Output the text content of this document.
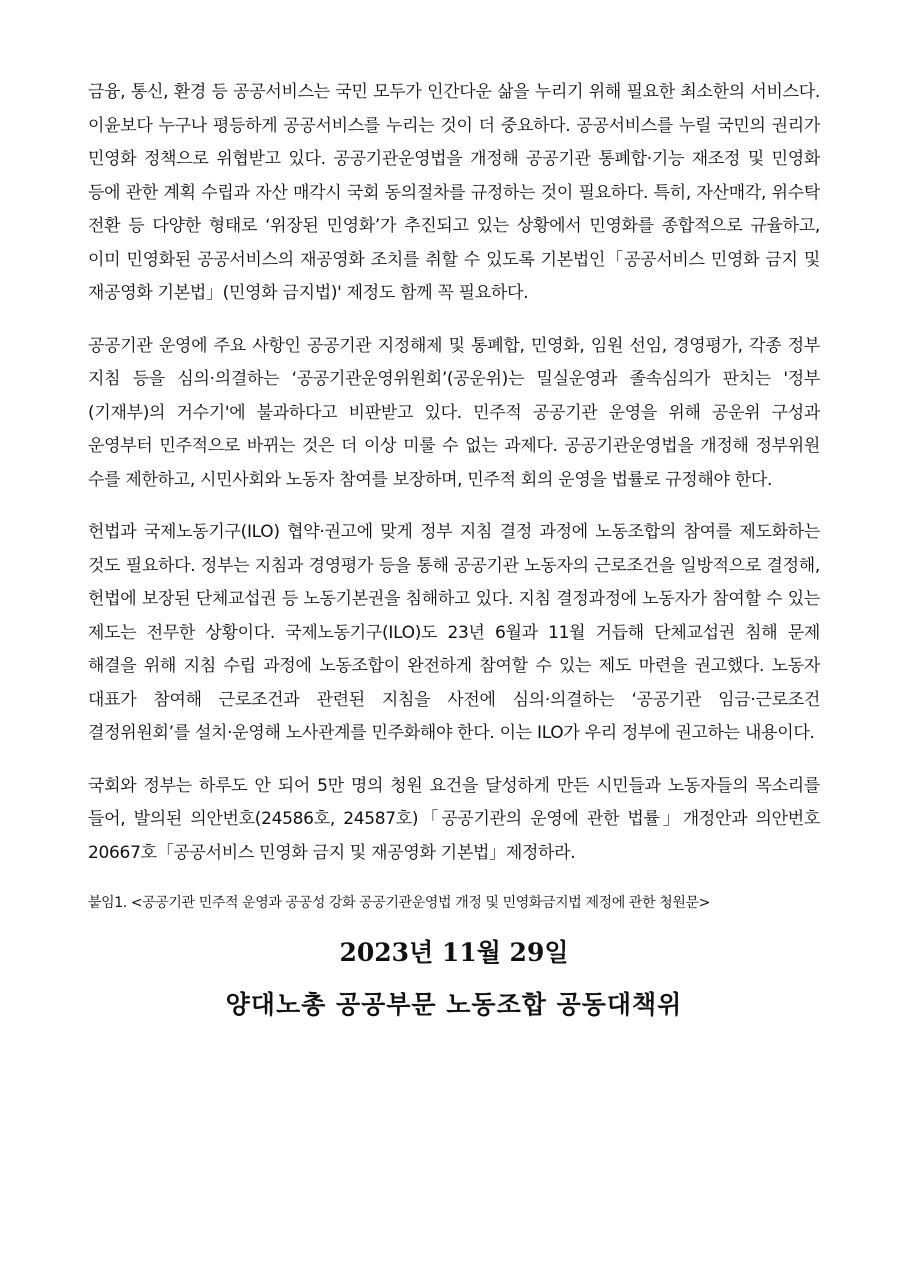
금융, 통신, 환경 등 공공서비스는 국민 모두가 인간다운 삶을 누리기 위해 필요한 최소한의 서비스다. 이윤보다 누구나 평등하게 공공서비스를 누리는 것이 더 중요하다. 공공서비스를 누릴 국민의 권리가 민영화 정책으로 위협받고 있다. 공공기관운영법을 개정해 공공기관 통폐합·기능 재조정 및 민영화 등에 관한 계획 수립과 자산 매각시 국회 동의절차를 규정하는 것이 필요하다. 특히, 자산매각, 위수탁 전환 등 다양한 형태로 ‘위장된 민영화’가 추진되고 있는 상황에서 민영화를 종합적으로 규율하고, 이미 민영화된 공공서비스의 재공영화 조치를 취할 수 있도록 기본법인「공공서비스 민영화 금지 및 재공영화 기본법」(민영화 금지법)' 제정도 함께 꼭 필요하다.

공공기관 운영에 주요 사항인 공공기관 지정해제 및 통폐합, 민영화, 임원 선임, 경영평가, 각종 정부 지침 등을 심의·의결하는 ‘공공기관운영위원회’(공운위)는 밀실운영과 졸속심의가 판치는 '정부(기재부)의 거수기'에 불과하다고 비판받고 있다. 민주적 공공기관 운영을 위해 공운위 구성과 운영부터 민주적으로 바뀌는 것은 더 이상 미룰 수 없는 과제다. 공공기관운영법을 개정해 정부위원 수를 제한하고, 시민사회와 노동자 참여를 보장하며, 민주적 회의 운영을 법률로 규정해야 한다.

헌법과 국제노동기구(ILO) 협약·권고에 맞게 정부 지침 결정 과정에 노동조합의 참여를 제도화하는 것도 필요하다. 정부는 지침과 경영평가 등을 통해 공공기관 노동자의 근로조건을 일방적으로 결정해, 헌법에 보장된 단체교섭권 등 노동기본권을 침해하고 있다. 지침 결정과정에 노동자가 참여할 수 있는 제도는 전무한 상황이다. 국제노동기구(ILO)도 23년 6월과 11월 거듭해 단체교섭권 침해 문제 해결을 위해 지침 수립 과정에 노동조합이 완전하게 참여할 수 있는 제도 마련을 권고했다. 노동자 대표가 참여해 근로조건과 관련된 지침을 사전에 심의·의결하는 ‘공공기관 임금·근로조건 결정위원회’를 설치·운영해 노사관계를 민주화해야 한다. 이는 ILO가 우리 정부에 권고하는 내용이다.

국회와 정부는 하루도 안 되어 5만 명의 청원 요건을 달성하게 만든 시민들과 노동자들의 목소리를 들어, 발의된 의안번호(24586호, 24587호)「공공기관의 운영에 관한 법률」개정안과 의안번호 20667호「공공서비스 민영화 금지 및 재공영화 기본법」제정하라.

붙임1. <공공기관 민주적 운영과 공공성 강화 공공기관운영법 개정 및 민영화금지법 제정에 관한 청원문>
2023년 11월 29일
양대노총 공공부문 노동조합 공동대책위
